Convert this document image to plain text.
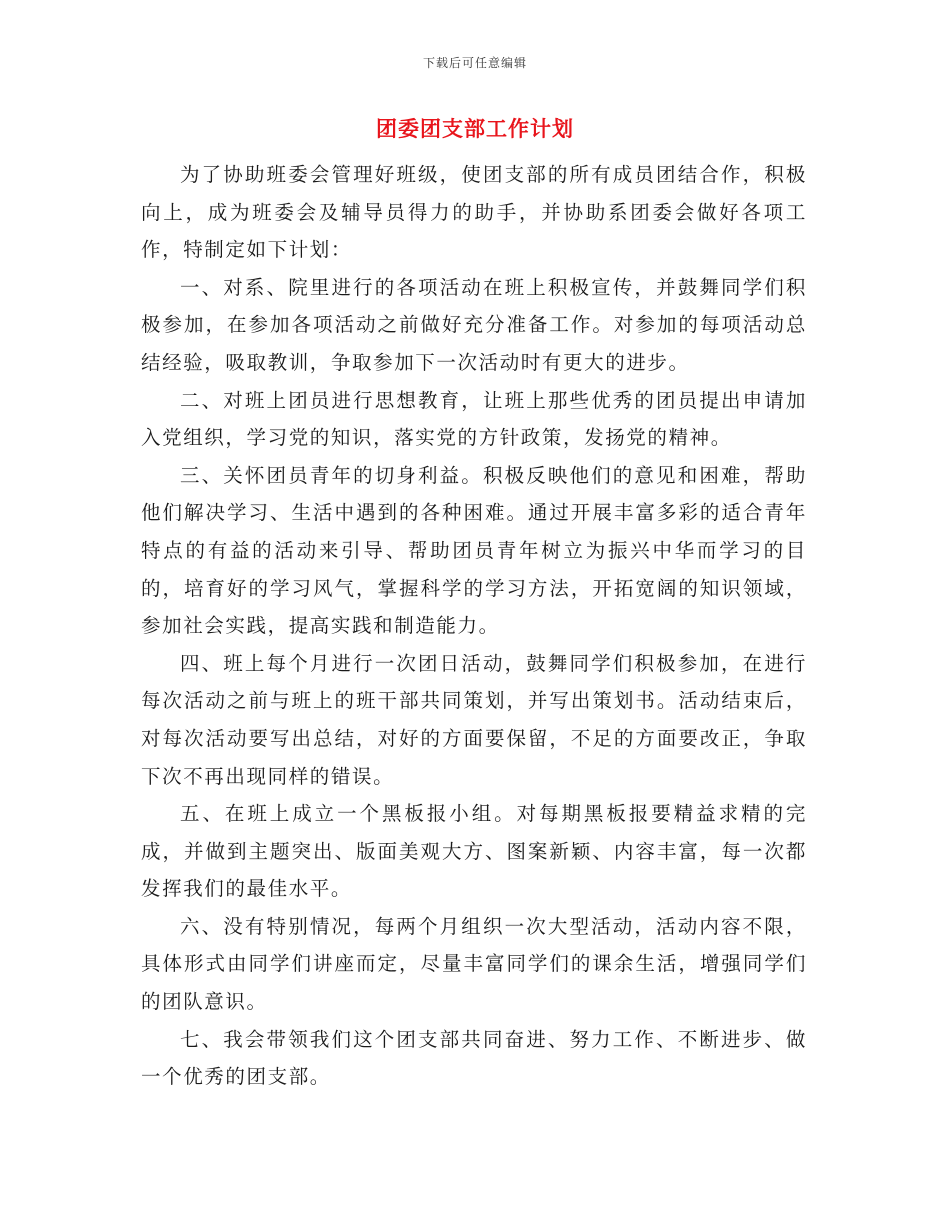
下载后可任意编辑
团委团支部工作计划

为了协助班委会管理好班级，使团支部的所有成员团结合作，积极向上，成为班委会及辅导员得力的助手，并协助系团委会做好各项工作，特制定如下计划：

一、对系、院里进行的各项活动在班上积极宣传，并鼓舞同学们积极参加，在参加各项活动之前做好充分准备工作。对参加的每项活动总结经验，吸取教训，争取参加下一次活动时有更大的进步。

二、对班上团员进行思想教育，让班上那些优秀的团员提出申请加入党组织，学习党的知识，落实党的方针政策，发扬党的精神。

三、关怀团员青年的切身利益。积极反映他们的意见和困难，帮助他们解决学习、生活中遇到的各种困难。通过开展丰富多彩的适合青年特点的有益的活动来引导、帮助团员青年树立为振兴中华而学习的目的，培育好的学习风气，掌握科学的学习方法，开拓宽阔的知识领域，参加社会实践，提高实践和制造能力。

四、班上每个月进行一次团日活动，鼓舞同学们积极参加，在进行每次活动之前与班上的班干部共同策划，并写出策划书。活动结束后，对每次活动要写出总结，对好的方面要保留，不足的方面要改正，争取下次不再出现同样的错误。

五、在班上成立一个黑板报小组。对每期黑板报要精益求精的完成，并做到主题突出、版面美观大方、图案新颖、内容丰富，每一次都发挥我们的最佳水平。

六、没有特别情况，每两个月组织一次大型活动，活动内容不限，具体形式由同学们讲座而定，尽量丰富同学们的课余生活，增强同学们的团队意识。

七、我会带领我们这个团支部共同奋进、努力工作、不断进步、做一个优秀的团支部。
